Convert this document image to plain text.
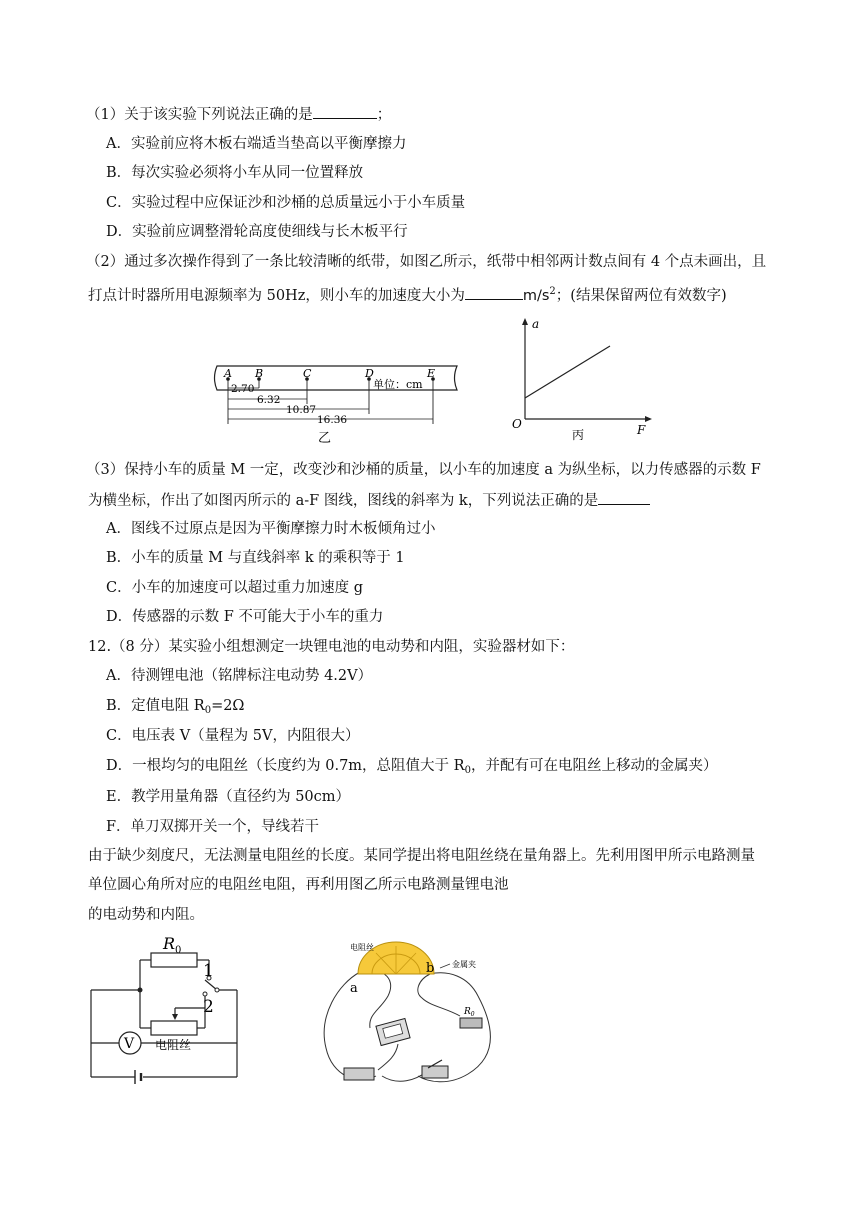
（1）关于该实验下列说法正确的是	；
A．实验前应将木板右端适当垫高以平衡摩擦力
B．每次实验必须将小车从同一位置释放
C．实验过程中应保证沙和沙桶的总质量远小于小车质量
D．实验前应调整滑轮高度使细线与长木板平行
（2）通过多次操作得到了一条比较清晰的纸带，如图乙所示，纸带中相邻两计数点间有 4 个点未画出，且
打点计时器所用电源频率为 50Hz，则小车的加速度大小为	$m/s^2$；(结果保留两位有效数字)
A B	C	D	E
单位：cm
2.70
6.32
10.87
16.36
乙
a
F
O
丙
（3）保持小车的质量 M 一定，改变沙和沙桶的质量，以小车的加速度 a 为纵坐标，以力传感器的示数 F
为横坐标，作出了如图丙所示的 a-F 图线，图线的斜率为 k，下列说法正确的是
A．图线不过原点是因为平衡摩擦力时木板倾角过小
B．小车的质量 M 与直线斜率 k 的乘积等于 1
C．小车的加速度可以超过重力加速度 g
D．传感器的示数 F 不可能大于小车的重力
12.（8 分）某实验小组想测定一块锂电池的电动势和内阻，实验器材如下：
A．待测锂电池（铭牌标注电动势 4.2V）
B．定值电阻 $R_0=2\Omega$
C．电压表 V（量程为 5V，内阻很大）
D．一根均匀的电阻丝（长度约为 0.7m，总阻值大于 $R_0$，并配有可在电阻丝上移动的金属夹）
E．教学用量角器（直径约为 50cm）
F．单刀双掷开关一个，导线若干
由于缺少刻度尺，无法测量电阻丝的长度。某同学提出将电阻丝绕在量角器上。先利用图甲所示电路测量
单位圆心角所对应的电阻丝电阻，再利用图乙所示电路测量锂电池
的电动势和内阻。
$R_0$
1
2
电阻丝
V
电阻丝
金属夹
a
b
$R_0$
